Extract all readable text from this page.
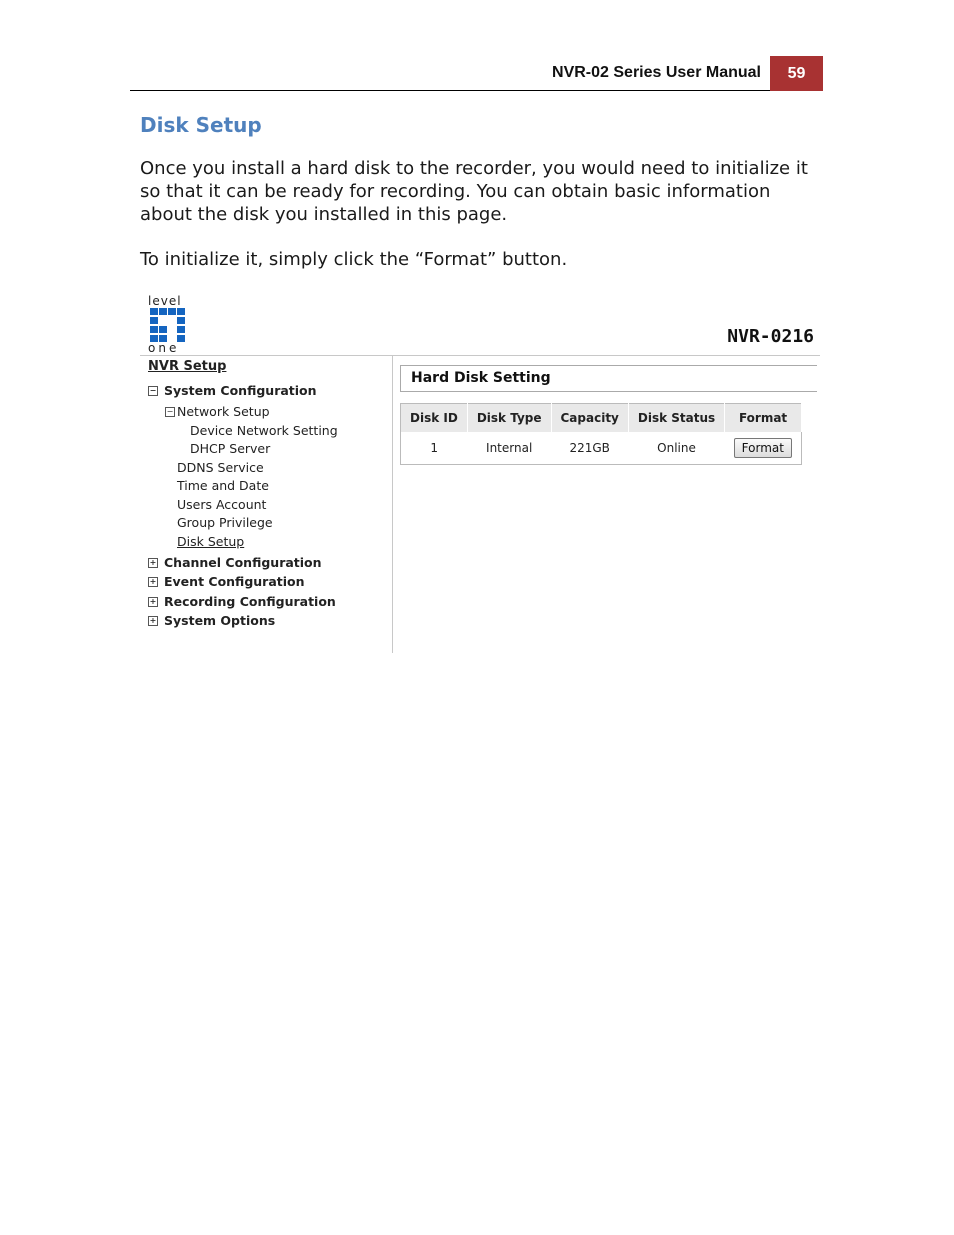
NVR-02 Series User Manual	59
Disk Setup

Once you install a hard disk to the recorder, you would need to initialize it so that it can be ready for recording. You can obtain basic information about the disk you installed in this page.

To initialize it, simply click the “Format” button.

level
one
NVR-0216
NVR Setup
− System Configuration
− Network Setup
Device Network Setting
DHCP Server
DDNS Service
Time and Date
Users Account
Group Privilege
Disk Setup
+ Channel Configuration
+ Event Configuration
+ Recording Configuration
+ System Options
Hard Disk Setting
Disk ID	Disk Type	Capacity	Disk Status	Format
1	Internal	221GB	Online	Format
